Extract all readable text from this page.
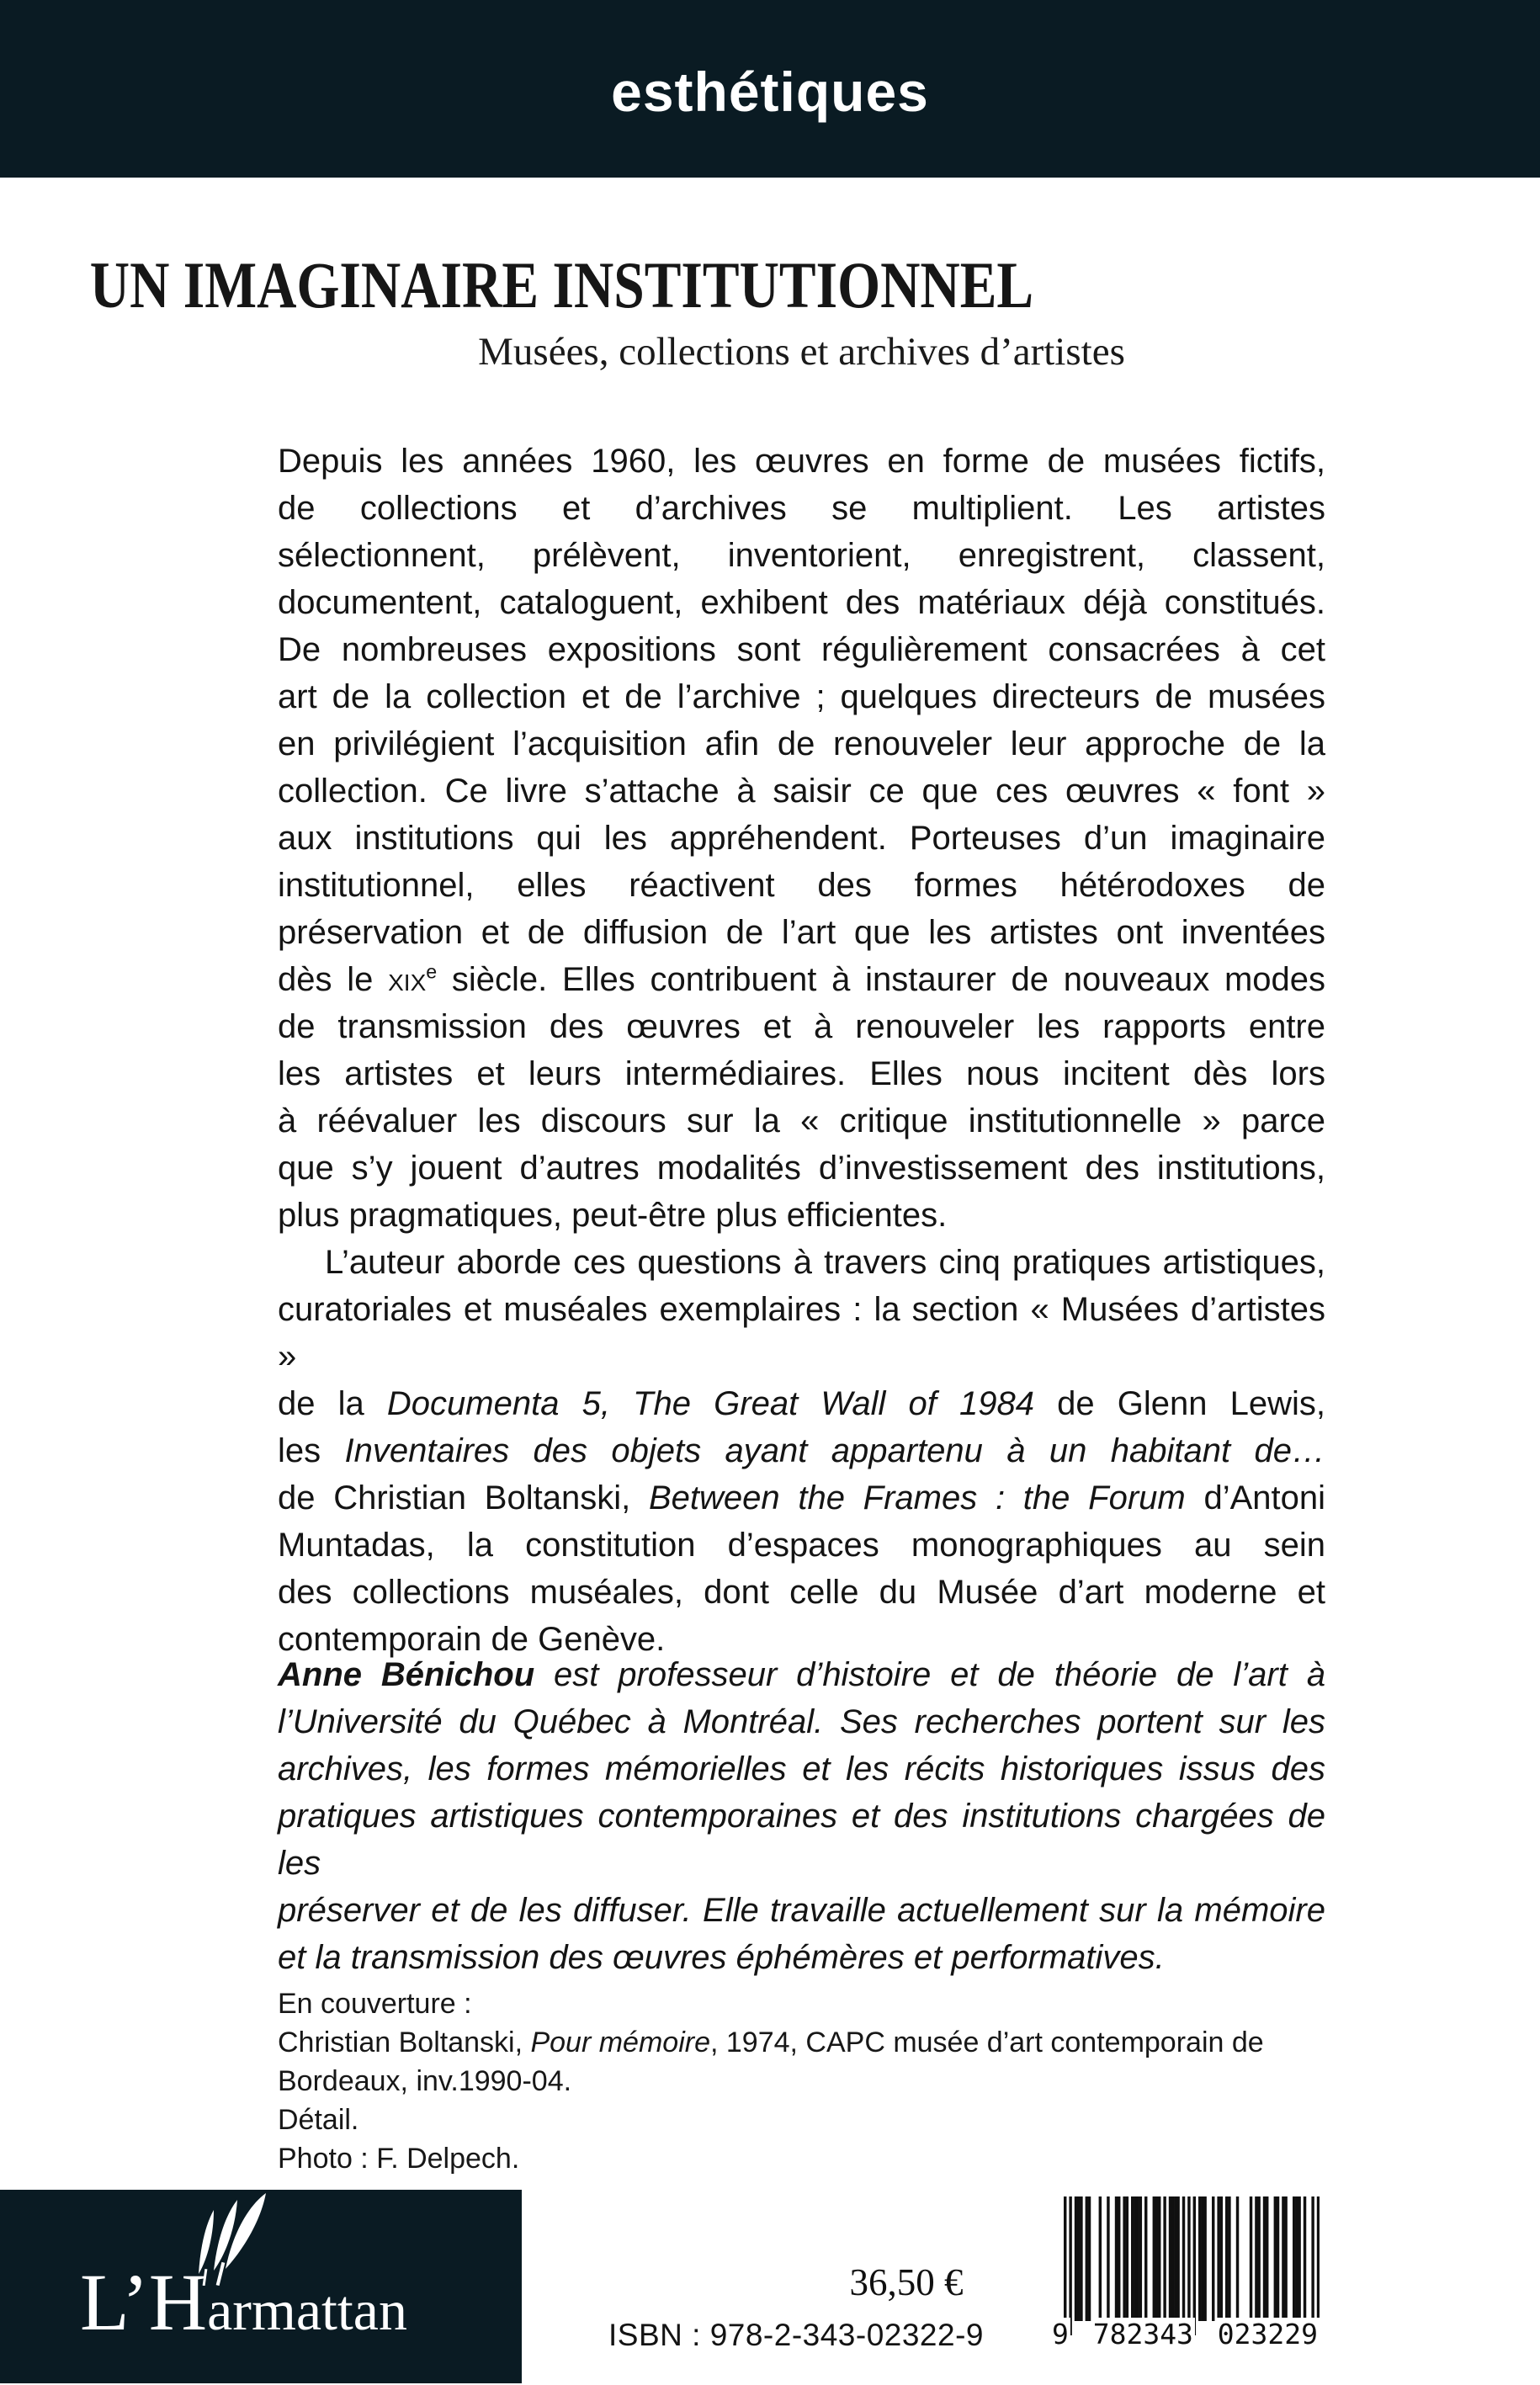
esthétiques
UN IMAGINAIRE INSTITUTIONNEL
Musées, collections et archives d’artistes
Depuis les années 1960, les œuvres en forme de musées fictifs,
de collections et d’archives se multiplient. Les artistes
sélectionnent, prélèvent, inventorient, enregistrent, classent,
documentent, cataloguent, exhibent des matériaux déjà constitués.
De nombreuses expositions sont régulièrement consacrées à cet
art de la collection et de l’archive ; quelques directeurs de musées
en privilégient l’acquisition afin de renouveler leur approche de la
collection. Ce livre s’attache à saisir ce que ces œuvres « font »
aux institutions qui les appréhendent. Porteuses d’un imaginaire
institutionnel, elles réactivent des formes hétérodoxes de
préservation et de diffusion de l’art que les artistes ont inventées
dès le xix$^e$ siècle. Elles contribuent à instaurer de nouveaux modes
de transmission des œuvres et à renouveler les rapports entre
les artistes et leurs intermédiaires. Elles nous incitent dès lors
à réévaluer les discours sur la « critique institutionnelle » parce
que s’y jouent d’autres modalités d’investissement des institutions,
plus pragmatiques, peut-être plus efficientes.
L’auteur aborde ces questions à travers cinq pratiques artistiques,
curatoriales et muséales exemplaires : la section « Musées d’artistes »
de la Documenta 5, The Great Wall of 1984 de Glenn Lewis,
les Inventaires des objets ayant appartenu à un habitant de…
de Christian Boltanski, Between the Frames : the Forum d’Antoni
Muntadas, la constitution d’espaces monographiques au sein
des collections muséales, dont celle du Musée d’art moderne et
contemporain de Genève.
Anne Bénichou est professeur d’histoire et de théorie de l’art à
l’Université du Québec à Montréal. Ses recherches portent sur les
archives, les formes mémorielles et les récits historiques issus des
pratiques artistiques contemporaines et des institutions chargées de les
préserver et de les diffuser. Elle travaille actuellement sur la mémoire
et la transmission des œuvres éphémères et performatives.
En couverture :
Christian Boltanski, Pour mémoire, 1974, CAPC musée d’art contemporain de
Bordeaux, inv.1990-04.
Détail.
Photo : F. Delpech.
L’Harmattan	36,50 €
ISBN : 978-2-343-02322-9 9 782343 023229
